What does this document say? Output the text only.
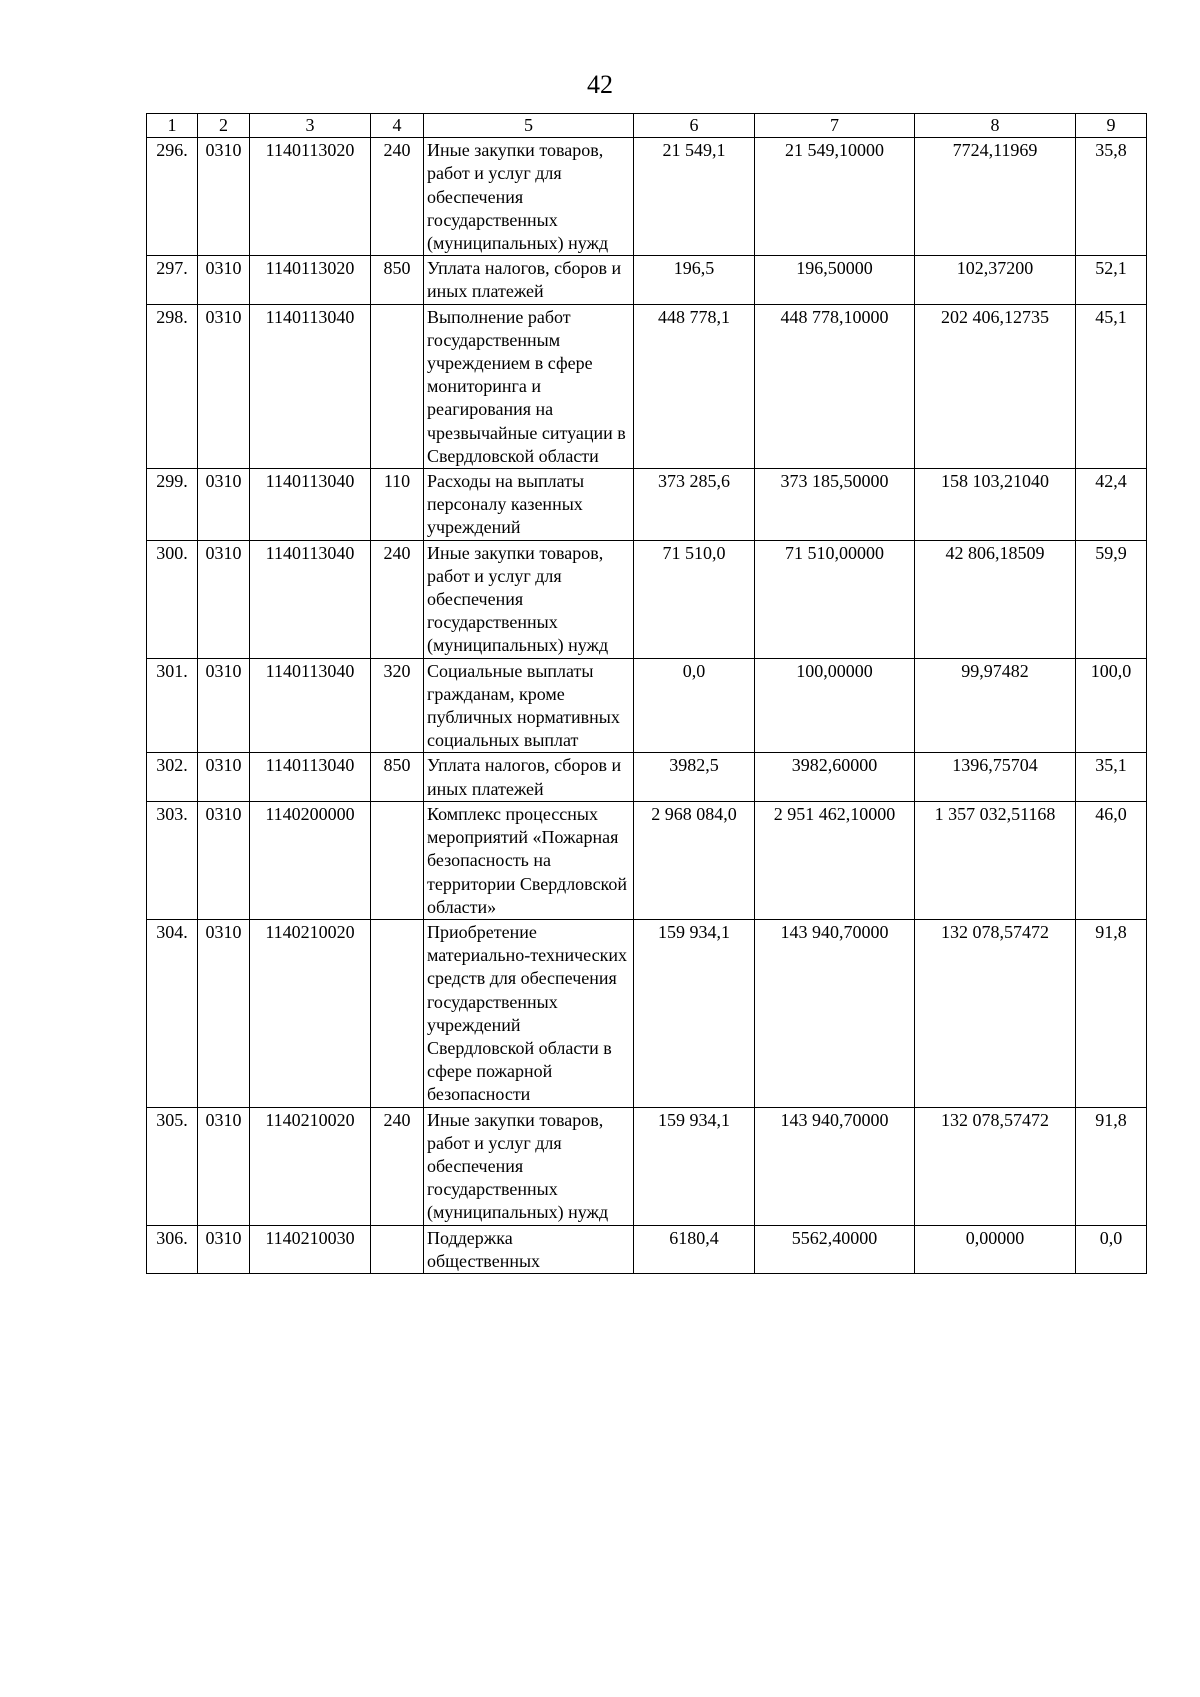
42
1	2	3	4	5	6	7	8	9
296.	0310	1140113020	240	Иные закупки товаров, работ и услуг для обеспечения государственных (муниципальных) нужд	21 549,1	21 549,10000	7724,11969	35,8
297.	0310	1140113020	850	Уплата налогов, сборов и иных платежей	196,5	196,50000	102,37200	52,1
298.	0310	1140113040		Выполнение работ государственным учреждением в сфере мониторинга и реагирования на чрезвычайные ситуации в Свердловской области	448 778,1	448 778,10000	202 406,12735	45,1
299.	0310	1140113040	110	Расходы на выплаты персоналу казенных учреждений	373 285,6	373 185,50000	158 103,21040	42,4
300.	0310	1140113040	240	Иные закупки товаров, работ и услуг для обеспечения государственных (муниципальных) нужд	71 510,0	71 510,00000	42 806,18509	59,9
301.	0310	1140113040	320	Социальные выплаты гражданам, кроме публичных нормативных социальных выплат	0,0	100,00000	99,97482	100,0
302.	0310	1140113040	850	Уплата налогов, сборов и иных платежей	3982,5	3982,60000	1396,75704	35,1
303.	0310	1140200000		Комплекс процессных мероприятий «Пожарная безопасность на территории Свердловской области»	2 968 084,0	2 951 462,10000	1 357 032,51168	46,0
304.	0310	1140210020		Приобретение материально-технических средств для обеспечения государственных учреждений Свердловской области в сфере пожарной безопасности	159 934,1	143 940,70000	132 078,57472	91,8
305.	0310	1140210020	240	Иные закупки товаров, работ и услуг для обеспечения государственных (муниципальных) нужд	159 934,1	143 940,70000	132 078,57472	91,8
306.	0310	1140210030		Поддержка общественных	6180,4	5562,40000	0,00000	0,0
